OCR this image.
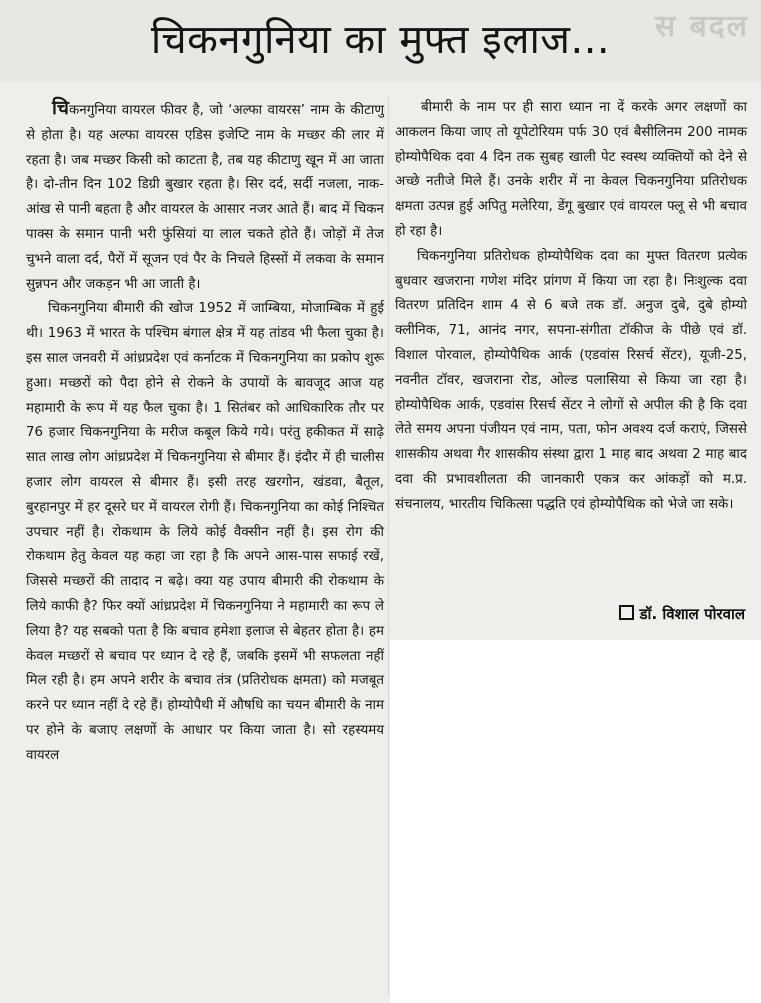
स बदल
चिकनगुनिया का मुफ्त इलाज...

चिकनगुनिया वायरल फीवर है, जो ‘अल्फा वायरस’ नाम के कीटाणु से होता है। यह अल्फा वायरस एडिस इजेप्टि नाम के मच्छर की लार में रहता है। जब मच्छर किसी को काटता है, तब यह कीटाणु खून में आ जाता है। दो-तीन दिन 102 डिग्री बुखार रहता है। सिर दर्द, सर्दी नजला, नाक-आंख से पानी बहता है और वायरल के आसार नजर आते हैं। बाद में चिकन पाक्स के समान पानी भरी फुंसियां या लाल चकते होते हैं। जोड़ों में तेज चुभने वाला दर्द, पैरों में सूजन एवं पैर के निचले हिस्सों में लकवा के समान सुन्नपन और जकड़न भी आ जाती है।

चिकनगुनिया बीमारी की खोज 1952 में जाम्बिया, मोजाम्बिक में हुई थी। 1963 में भारत के पश्चिम बंगाल क्षेत्र में यह तांडव भी फैला चुका है। इस साल जनवरी में आंध्रप्रदेश एवं कर्नाटक में चिकनगुनिया का प्रकोप शुरू हुआ। मच्छरों को पैदा होने से रोकने के उपायों के बावजूद आज यह महामारी के रूप में यह फैल चुका है। 1 सितंबर को आधिकारिक तौर पर 76 हजार चिकनगुनिया के मरीज कबूल किये गये। परंतु हकीकत में साढ़े सात लाख लोग आंध्रप्रदेश में चिकनगुनिया से बीमार हैं। इंदौर में ही चालीस हजार लोग वायरल से बीमार हैं। इसी तरह खरगोन, खंडवा, बैतूल, बुरहानपुर में हर दूसरे घर में वायरल रोगी हैं। चिकनगुनिया का कोई निश्चित उपचार नहीं है। रोकथाम के लिये कोई वैक्सीन नहीं है। इस रोग की रोकथाम हेतु केवल यह कहा जा रहा है कि अपने आस-पास सफाई रखें, जिससे मच्छरों की तादाद न बढ़े। क्या यह उपाय बीमारी की रोकथाम के लिये काफी है? फिर क्यों आंध्रप्रदेश में चिकनगुनिया ने महामारी का रूप ले लिया है? यह सबको पता है कि बचाव हमेशा इलाज से बेहतर होता है। हम केवल मच्छरों से बचाव पर ध्यान दे रहे हैं, जबकि इसमें भी सफलता नहीं मिल रही है। हम अपने शरीर के बचाव तंत्र (प्रतिरोधक क्षमता) को मजबूत करने पर ध्यान नहीं दे रहे हैं। होम्योपैथी में औषधि का चयन बीमारी के नाम पर होने के बजाए लक्षणों के आधार पर किया जाता है। सो रहस्यमय वायरल

बीमारी के नाम पर ही सारा ध्यान ना दें करके अगर लक्षणों का आकलन किया जाए तो यूपेटोरियम पर्फ 30 एवं बैसीलिनम 200 नामक होम्योपैथिक दवा 4 दिन तक सुबह खाली पेट स्वस्थ व्यक्तियों को देने से अच्छे नतीजे मिले हैं। उनके शरीर में ना केवल चिकनगुनिया प्रतिरोधक क्षमता उत्पन्न हुई अपितु मलेरिया, डेंगू बुखार एवं वायरल फ्लू से भी बचाव हो रहा है।

चिकनगुनिया प्रतिरोधक होम्योपैथिक दवा का मुफ्त वितरण प्रत्येक बुधवार खजराना गणेश मंदिर प्रांगण में किया जा रहा है। निःशुल्क दवा वितरण प्रतिदिन शाम 4 से 6 बजे तक डॉ. अनुज दुबे, दुबे होम्यो क्लीनिक, 71, आनंद नगर, सपना-संगीता टॉकीज के पीछे एवं डॉ. विशाल पोरवाल, होम्योपैथिक आर्क (एडवांस रिसर्च सेंटर), यूजी-25, नवनीत टॉवर, खजराना रोड, ओल्ड पलासिया से किया जा रहा है। होम्योपैथिक आर्क, एडवांस रिसर्च सेंटर ने लोगों से अपील की है कि दवा लेते समय अपना पंजीयन एवं नाम, पता, फोन अवश्य दर्ज कराएं, जिससे शासकीय अथवा गैर शासकीय संस्था द्वारा 1 माह बाद अथवा 2 माह बाद दवा की प्रभावशीलता की जानकारी एकत्र कर आंकड़ों को म.प्र. संचनालय, भारतीय चिकित्सा पद्धति एवं होम्योपैथिक को भेजे जा सके।

डॉ. विशाल पोरवाल
